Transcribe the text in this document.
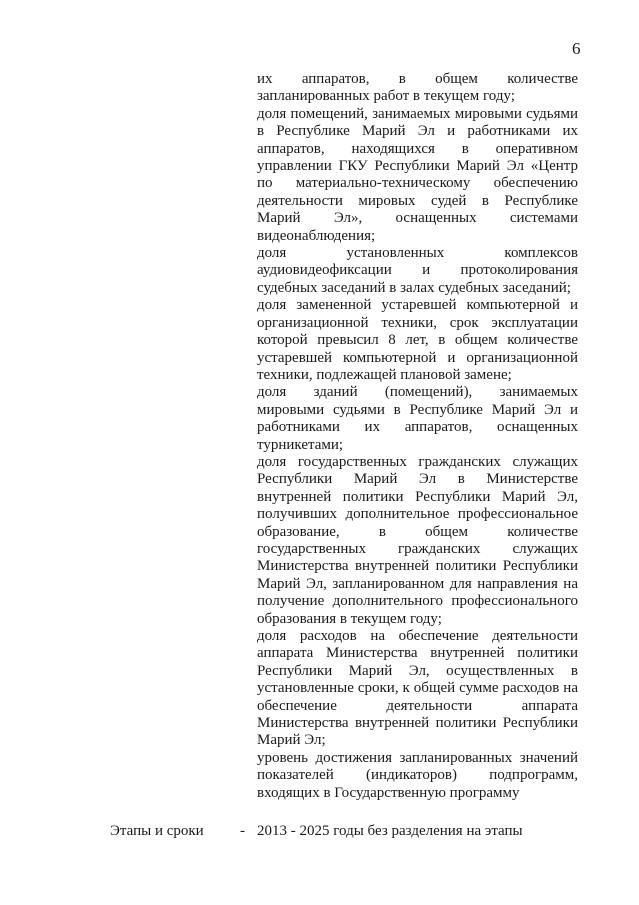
6

их аппаратов, в общем количестве запланированных работ в текущем году;

доля помещений, занимаемых мировыми судьями в Республике Марий Эл и работниками их аппаратов, находящихся в оперативном управлении ГКУ Республики Марий Эл «Центр по материально-техническому обеспечению деятельности мировых судей в Республике Марий Эл», оснащенных системами видеонаблюдения;

доля установленных комплексов аудиовидеофиксации и протоколирования судебных заседаний в залах судебных заседаний;

доля замененной устаревшей компьютерной и организационной техники, срок эксплуатации которой превысил 8 лет, в общем количестве устаревшей компьютерной и организационной техники, подлежащей плановой замене;

доля зданий (помещений), занимаемых мировыми судьями в Республике Марий Эл и работниками их аппаратов, оснащенных турникетами;

доля государственных гражданских служащих Республики Марий Эл в Министерстве внутренней политики Республики Марий Эл, получивших дополнительное профессиональное образование, в общем количестве государственных гражданских служащих Министерства внутренней политики Республики Марий Эл, запланированном для направления на получение дополнительного профессионального образования в текущем году;

доля расходов на обеспечение деятельности аппарата Министерства внутренней политики Республики Марий Эл, осуществленных в установленные сроки, к общей сумме расходов на обеспечение деятельности аппарата Министерства внутренней политики Республики Марий Эл;

уровень достижения запланированных значений показателей (индикаторов) подпрограмм, входящих в Государственную программу

Этапы и сроки - 2013 - 2025 годы без разделения на этапы
